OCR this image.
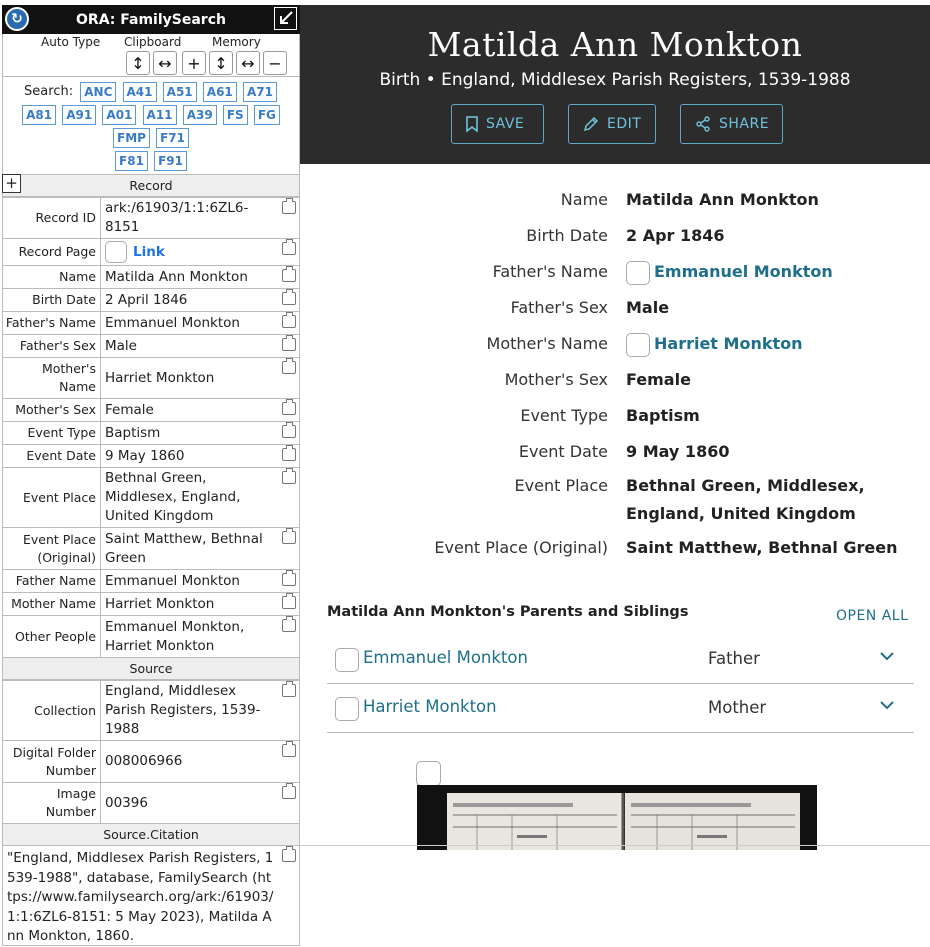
↻	ORA: FamilySearch
Auto Type Clipboard	Memory
↕ ↔ + ↕ ↔ −
Search: ANC A41 A51 A61 A71 A81 A91 A01 A11 A39 FS FG FMP F71
F81 F91
+	Record
Record ID	ark:/61903/1:1:6ZL6-8151

Record Page	Link

Name	Matilda Ann Monkton

Birth Date	2 April 1846

Father's Name	Emmanuel Monkton

Father's Sex	Male

Mother's Name	Harriet Monkton

Mother's Sex	Female

Event Type	Baptism

Event Date	9 May 1860

Event Place	Bethnal Green, Middlesex, England, United Kingdom

Event Place (Original)	Saint Matthew, Bethnal Green

Father Name	Emmanuel Monkton

Mother Name	Harriet Monkton

Other People	Emmanuel Monkton, Harriet Monkton
Source
Collection	England, Middlesex Parish Registers, 1539-1988

Digital Folder Number	008006966

Image Number	00396
Source.Citation
"England, Middlesex Parish Registers, 1539-1988", database, FamilySearch (https://www.familysearch.org/ark:/61903/1:1:6ZL6-8151: 5 May 2023), Matilda Ann Monkton, 1860.
Matilda Ann Monkton
Birth • England, Middlesex Parish Registers, 1539-1988
SAVE	EDIT	SHARE
Name Matilda Ann Monkton
Birth Date 2 Apr 1846
Father's Name	Emmanuel Monkton
Father's Sex Male
Mother's Name	Harriet Monkton
Mother's Sex Female
Event Type Baptism
Event Date 9 May 1860
Event Place Bethnal Green, Middlesex,
England, United Kingdom
Event Place (Original) Saint Matthew, Bethnal Green
Matilda Ann Monkton's Parents and Siblings	OPEN ALL
Emmanuel Monkton	Father
Harriet Monkton	Mother
